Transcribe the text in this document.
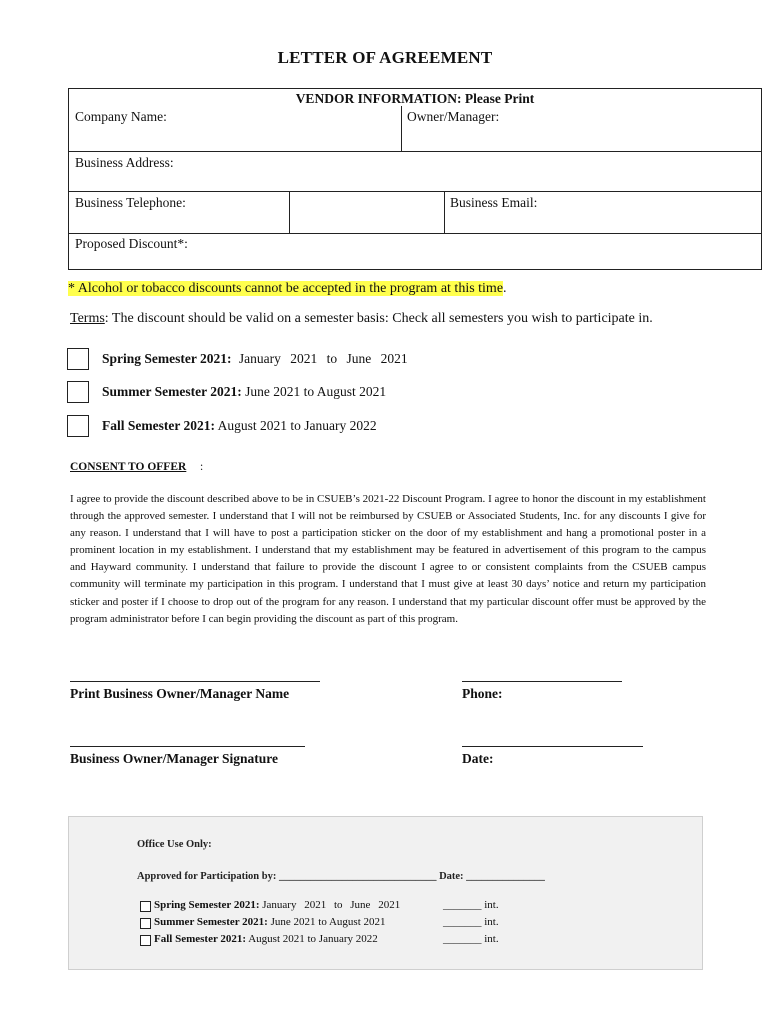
LETTER OF AGREEMENT
VENDOR INFORMATION: Please Print
Company Name:	Owner/Manager:
Business Address:
Business Telephone:	Business Email:
Proposed Discount*:
* Alcohol or tobacco discounts cannot be accepted in the program at this time.
Terms: The discount should be valid on a semester basis: Check all semesters you wish to participate in.
Spring Semester 2021: January 2021 to June 2021
Summer Semester 2021: June 2021 to August 2021
Fall Semester 2021: August 2021 to January 2022
CONSENT TO OFFER :
I agree to provide the discount described above to be in CSUEB’s 2021-22 Discount Program. I agree to honor the discount in my establishment through the approved semester. I understand that I will not be reimbursed by CSUEB or Associated Students, Inc. for any discounts I give for any reason. I understand that I will have to post a participation sticker on the door of my establishment and hang a promotional poster in a prominent location in my establishment. I understand that my establishment may be featured in advertisement of this program to the campus and Hayward community. I understand that failure to provide the discount I agree to or consistent complaints from the CSUEB campus community will terminate my participation in this program. I understand that I must give at least 30 days’ notice and return my participation sticker and poster if I choose to drop out of the program for any reason. I understand that my particular discount offer must be approved by the program administrator before I can begin providing the discount as part of this program.
Print Business Owner/Manager Name	Phone:
Business Owner/Manager Signature	Date:
Office Use Only:
Approved for Participation by: ______________________________ Date: _______________
Spring Semester 2021: January 2021 to June 2021	_______ int.
Summer Semester 2021: June 2021 to August 2021	_______ int.
Fall Semester 2021: August 2021 to January 2022	_______ int.
